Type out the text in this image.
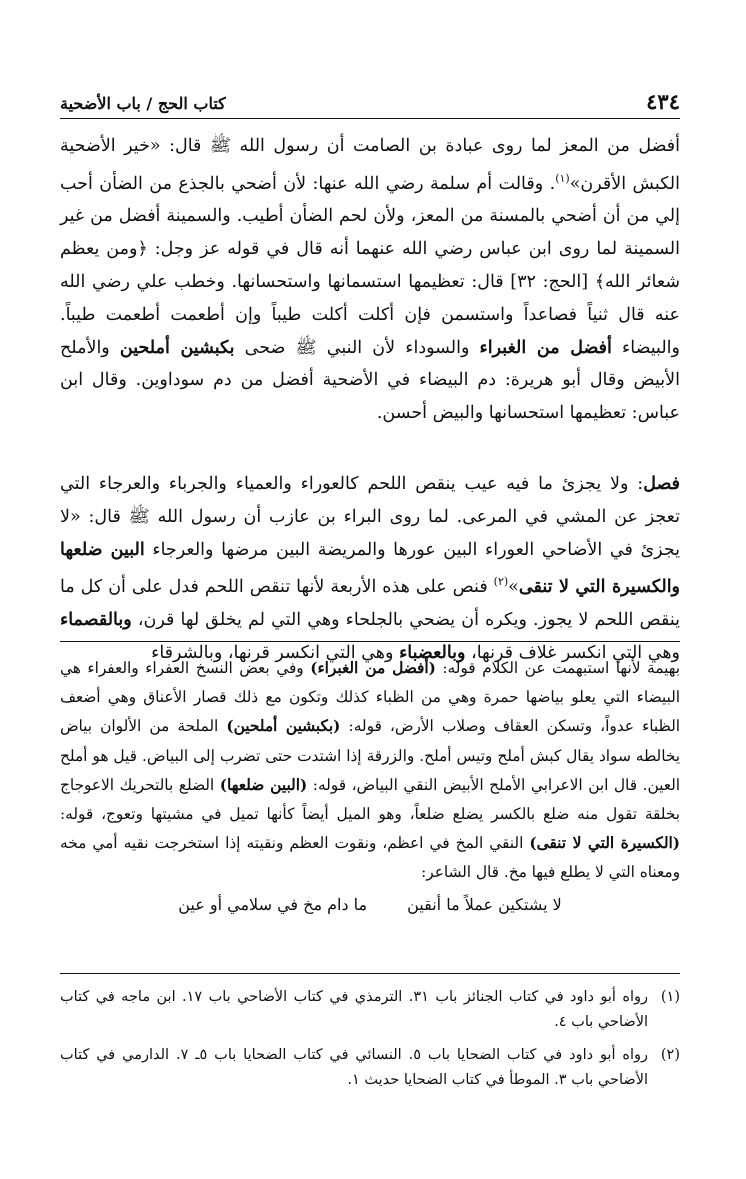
٤٣٤
كتاب الحج / باب الأضحية

أفضل من المعز لما روى عبادة بن الصامت أن رسول الله ﷺ قال: «خير الأضحية الكبش الأقرن»$^{(١)}$. وقالت أم سلمة رضي الله عنها: لأن أضحي بالجذع من الضأن أحب إلي من أن أضحي بالمسنة من المعز، ولأن لحم الضأن أطيب. والسمينة أفضل من غير السمينة لما روى ابن عباس رضي الله عنهما أنه قال في قوله عز وجل: ﴿ومن يعظم شعائر الله﴾ [الحج: ٣٢] قال: تعظيمها استسمانها واستحسانها. وخطب علي رضي الله عنه قال ثنياً فصاعداً واستسمن فإن أكلت أكلت طيباً وإن أطعمت أطعمت طيباً. والبيضاء أفضل من الغبراء والسوداء لأن النبي ﷺ ضحى بكبشين أملحين والأملح الأبيض وقال أبو هريرة: دم البيضاء في الأضحية أفضل من دم سوداوين. وقال ابن عباس: تعظيمها استحسانها والبيض أحسن.

فصل: ولا يجزئ ما فيه عيب ينقص اللحم كالعوراء والعمياء والجرباء والعرجاء التي تعجز عن المشي في المرعى. لما روى البراء بن عازب أن رسول الله ﷺ قال: «لا يجزئ في الأضاحي العوراء البين عورها والمريضة البين مرضها والعرجاء البين ضلعها والكسيرة التي لا تنقى»$^{(٢)}$ فنص على هذه الأربعة لأنها تنقص اللحم فدل على أن كل ما ينقص اللحم لا يجوز. ويكره أن يضحي بالجلحاء وهي التي لم يخلق لها قرن، وبالقصماء وهي التي انكسر غلاف قرنها، وبالعضباء وهي التي انكسر قرنها، وبالشرقاء

بهيمة لأنها استبهمت عن الكلام قوله: (أفضل من الغبراء) وفي بعض النسخ العفراء والعفراء هي البيضاء التي يعلو بياضها حمرة وهي من الظباء كذلك وتكون مع ذلك قصار الأعناق وهي أضعف الظباء عدواً، وتسكن العقاف وصلاب الأرض، قوله: (بكبشين أملحين) الملحة من الألوان بياض يخالطه سواد يقال كبش أملح وتيس أملح. والزرقة إذا اشتدت حتى تضرب إلى البياض. قيل هو أملح العين. قال ابن الاعرابي الأملح الأبيض النقي البياض، قوله: (البين ضلعها) الضلع بالتحريك الاعوجاج بخلقة تقول منه ضلع بالكسر يضلع ضلعاً، وهو الميل أيضاً كأنها تميل في مشيتها وتعوج، قوله: (الكسيرة التي لا تنقى) النقي المخ في اعظم، ونقوت العظم ونقيته إذا استخرجت نقيه أمي مخه ومعناه التي لا يطلع فيها مخ. قال الشاعر:

لا يشتكين عملاً ما أنقين
ما دام مخ في سلامي أو عين
(١)
رواه أبو داود في كتاب الجنائز باب ٣١. الترمذي في كتاب الأضاحي باب ١٧. ابن ماجه في كتاب الأضاحي باب ٤.
(٢)
رواه أبو داود في كتاب الضحايا باب ٥. النسائي في كتاب الضحايا باب ٥ـ ٧. الدارمي في كتاب الأضاحي باب ٣. الموطأ في كتاب الضحايا حديث ١.
